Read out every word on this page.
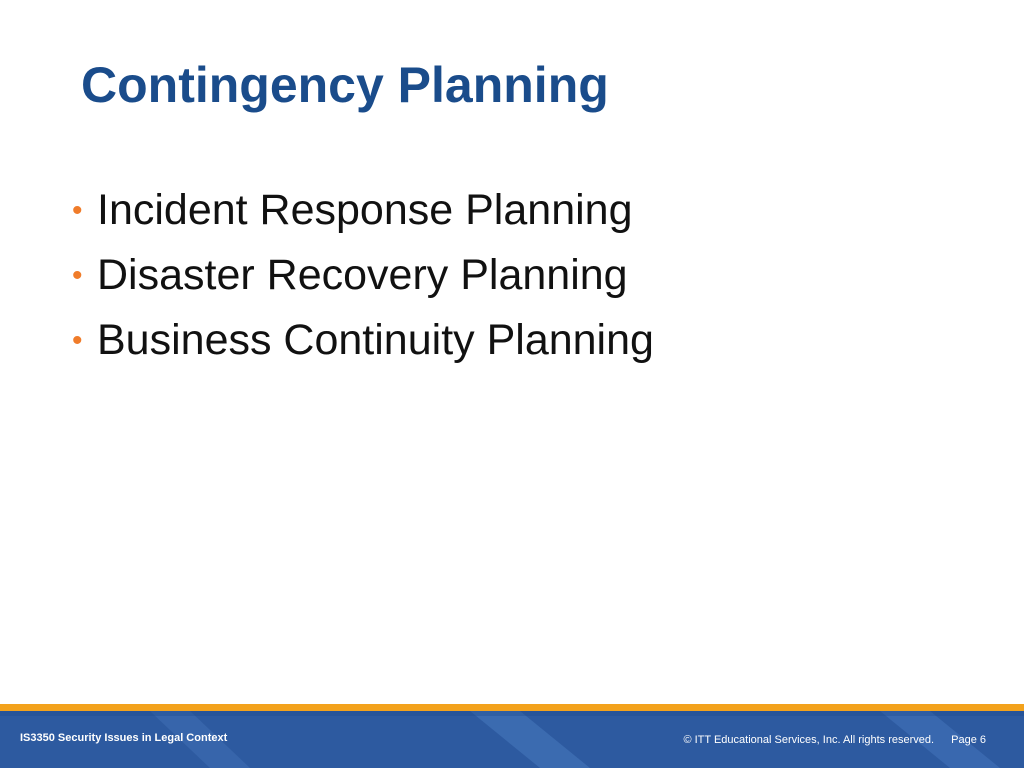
Contingency Planning
• Incident Response Planning
• Disaster Recovery Planning
• Business Continuity Planning
IS3350 Security Issues in Legal Context	© ITT Educational Services, Inc. All rights reserved. Page 6
